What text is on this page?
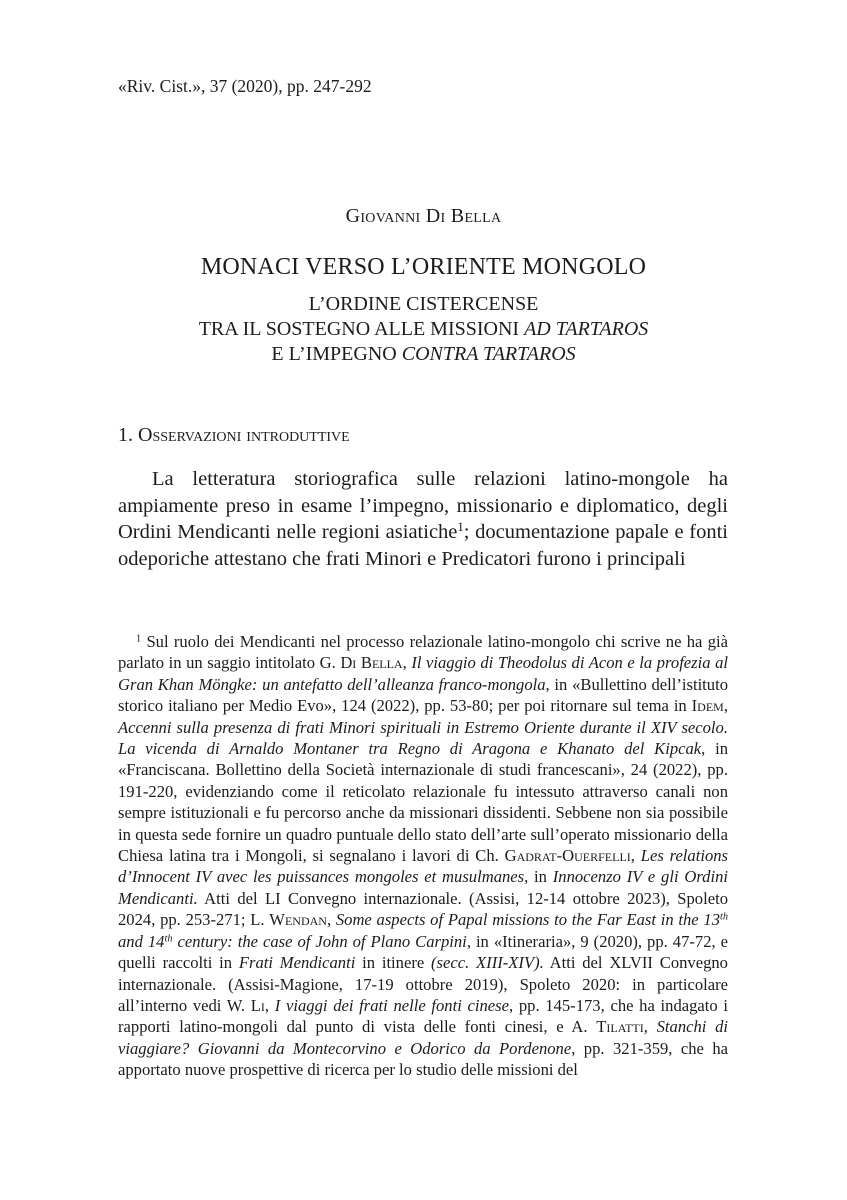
«Riv. Cist.», 37 (2020), pp. 247-292
Giovanni Di Bella
MONACI VERSO L’ORIENTE MONGOLO
L’ORDINE CISTERCENSE
TRA IL SOSTEGNO ALLE MISSIONI AD TARTAROS
E L’IMPEGNO CONTRA TARTAROS
1. Osservazioni introduttive

La letteratura storiografica sulle relazioni latino-mongole ha ampiamente preso in esame l’impegno, missionario e diplomatico, degli Ordini Mendicanti nelle regioni asiatiche$^1$; documentazione papale e fonti odeporiche attestano che frati Minori e Predicatori furono i principali

$^1$ Sul ruolo dei Mendicanti nel processo relazionale latino-mongolo chi scrive ne ha già parlato in un saggio intitolato G. Di Bella, Il viaggio di Theodolus di Acon e la profezia al Gran Khan Möngke: un antefatto dell’alleanza franco-mongola, in «Bullettino dell’istituto storico italiano per Medio Evo», 124 (2022), pp. 53-80; per poi ritornare sul tema in Idem, Accenni sulla presenza di frati Minori spirituali in Estremo Oriente durante il XIV secolo. La vicenda di Arnaldo Montaner tra Regno di Aragona e Khanato del Kipcak, in «Franciscana. Bollettino della Società internazionale di studi francescani», 24 (2022), pp. 191-220, evidenziando come il reticolato relazionale fu intessuto attraverso canali non sempre istituzionali e fu percorso anche da missionari dissidenti. Sebbene non sia possibile in questa sede fornire un quadro puntuale dello stato dell’arte sull’operato missionario della Chiesa latina tra i Mongoli, si segnalano i lavori di Ch. Gadrat-Ouerfelli, Les relations d’Innocent IV avec les puissances mongoles et musulmanes, in Innocenzo IV e gli Ordini Mendicanti. Atti del LI Convegno internazionale. (Assisi, 12-14 ottobre 2023), Spoleto 2024, pp. 253-271; L. Wendan, Some aspects of Papal missions to the Far East in the 13th and 14th century: the case of John of Plano Carpini, in «Itineraria», 9 (2020), pp. 47-72, e quelli raccolti in Frati Mendicanti in itinere (secc. XIII-XIV). Atti del XLVII Convegno internazionale. (Assisi-Magione, 17-19 ottobre 2019), Spoleto 2020: in particolare all’interno vedi W. Li, I viaggi dei frati nelle fonti cinese, pp. 145-173, che ha indagato i rapporti latino-mongoli dal punto di vista delle fonti cinesi, e A. Tilatti, Stanchi di viaggiare? Giovanni da Montecorvino e Odorico da Pordenone, pp. 321-359, che ha apportato nuove prospettive di ricerca per lo studio delle missioni del
